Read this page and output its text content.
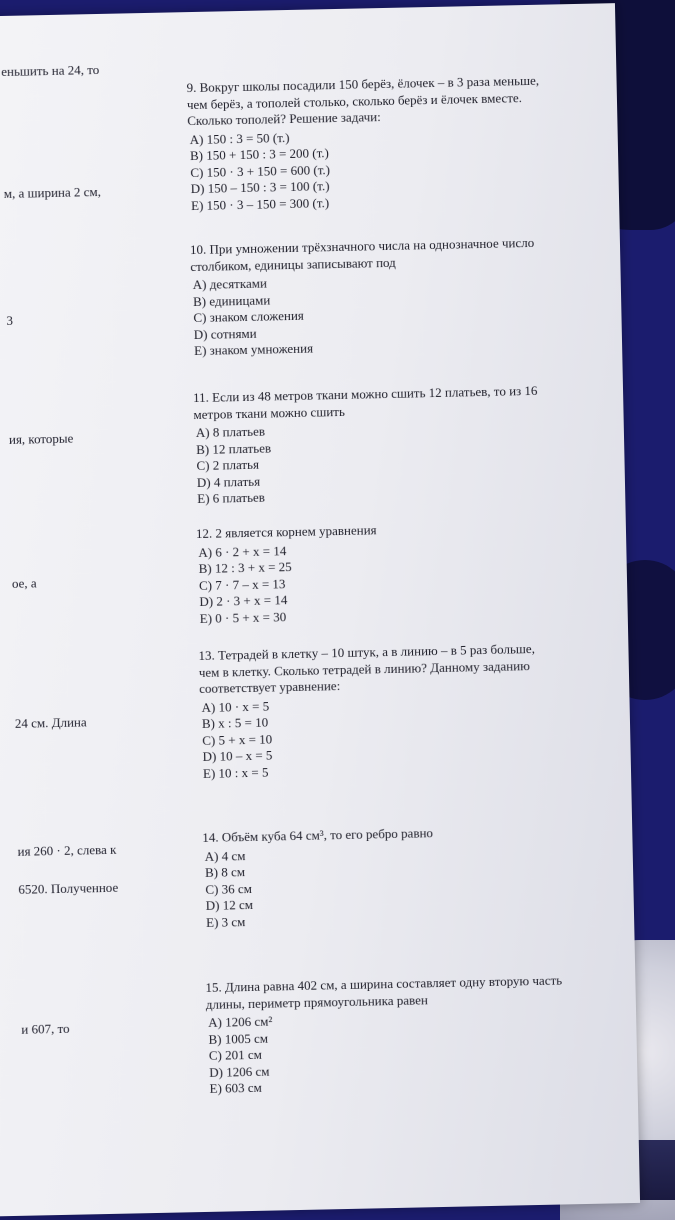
еньшить на 24, то
м, а ширина 2 см,
3
ия, которые
ое, а
24 см. Длина
ия 260 · 2, слева к
6520. Полученное
и 607, то

9. Вокруг школы посадили 150 берёз, ёлочек – в 3 раза меньше, чем берёз, а тополей столько, сколько берёз и ёлочек вместе. Сколько тополей? Решение задачи:

A) 150 : 3 = 50 (т.)

B) 150 + 150 : 3 = 200 (т.)

C) 150 · 3 + 150 = 600 (т.)

D) 150 – 150 : 3 = 100 (т.)

E) 150 · 3 – 150 = 300 (т.)

10. При умножении трёхзначного числа на однозначное число столбиком, единицы записывают под

A) десятками

B) единицами

C) знаком сложения

D) сотнями

E) знаком умножения

11. Если из 48 метров ткани можно сшить 12 платьев, то из 16 метров ткани можно сшить

A) 8 платьев

B) 12 платьев

C) 2 платья

D) 4 платья

E) 6 платьев

12. 2 является корнем уравнения

A) 6 · 2 + x = 14

B) 12 : 3 + x = 25

C) 7 · 7 – x = 13

D) 2 · 3 + x = 14

E) 0 · 5 + x = 30

13. Тетрадей в клетку – 10 штук, а в линию – в 5 раз больше, чем в клетку. Сколько тетрадей в линию? Данному заданию соответствует уравнение:

A) 10 · x = 5

B) x : 5 = 10

C) 5 + x = 10

D) 10 – x = 5

E) 10 : x = 5

14. Объём куба 64 см³, то его ребро равно

A) 4 см

B) 8 см

C) 36 см

D) 12 см

E) 3 см

15. Длина равна 402 см, а ширина составляет одну вторую часть длины, периметр прямоугольника равен

A) 1206 см²

B) 1005 см

C) 201 см

D) 1206 см

E) 603 см
